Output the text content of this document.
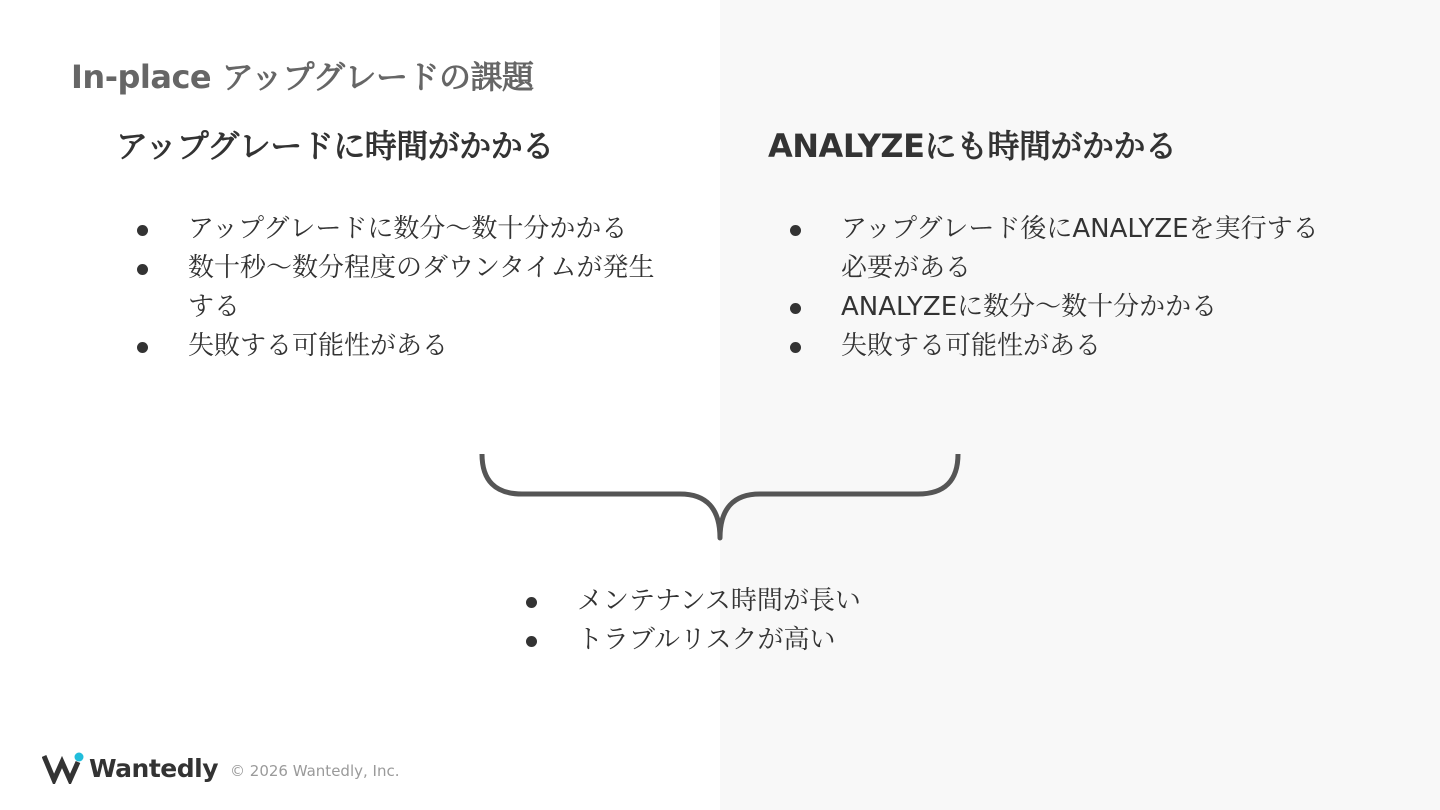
In-place アップグレードの課題
アップグレードに時間がかかる	ANALYZEにも時間がかかる
アップグレードに数分〜数十分かかる
数十秒〜数分程度のダウンタイムが発生する
失敗する可能性がある
アップグレード後にANALYZEを実行する必要がある
ANALYZEに数分〜数十分かかる
失敗する可能性がある
メンテナンス時間が長い
トラブルリスクが高い
Wantedly © 2026 Wantedly, Inc.
